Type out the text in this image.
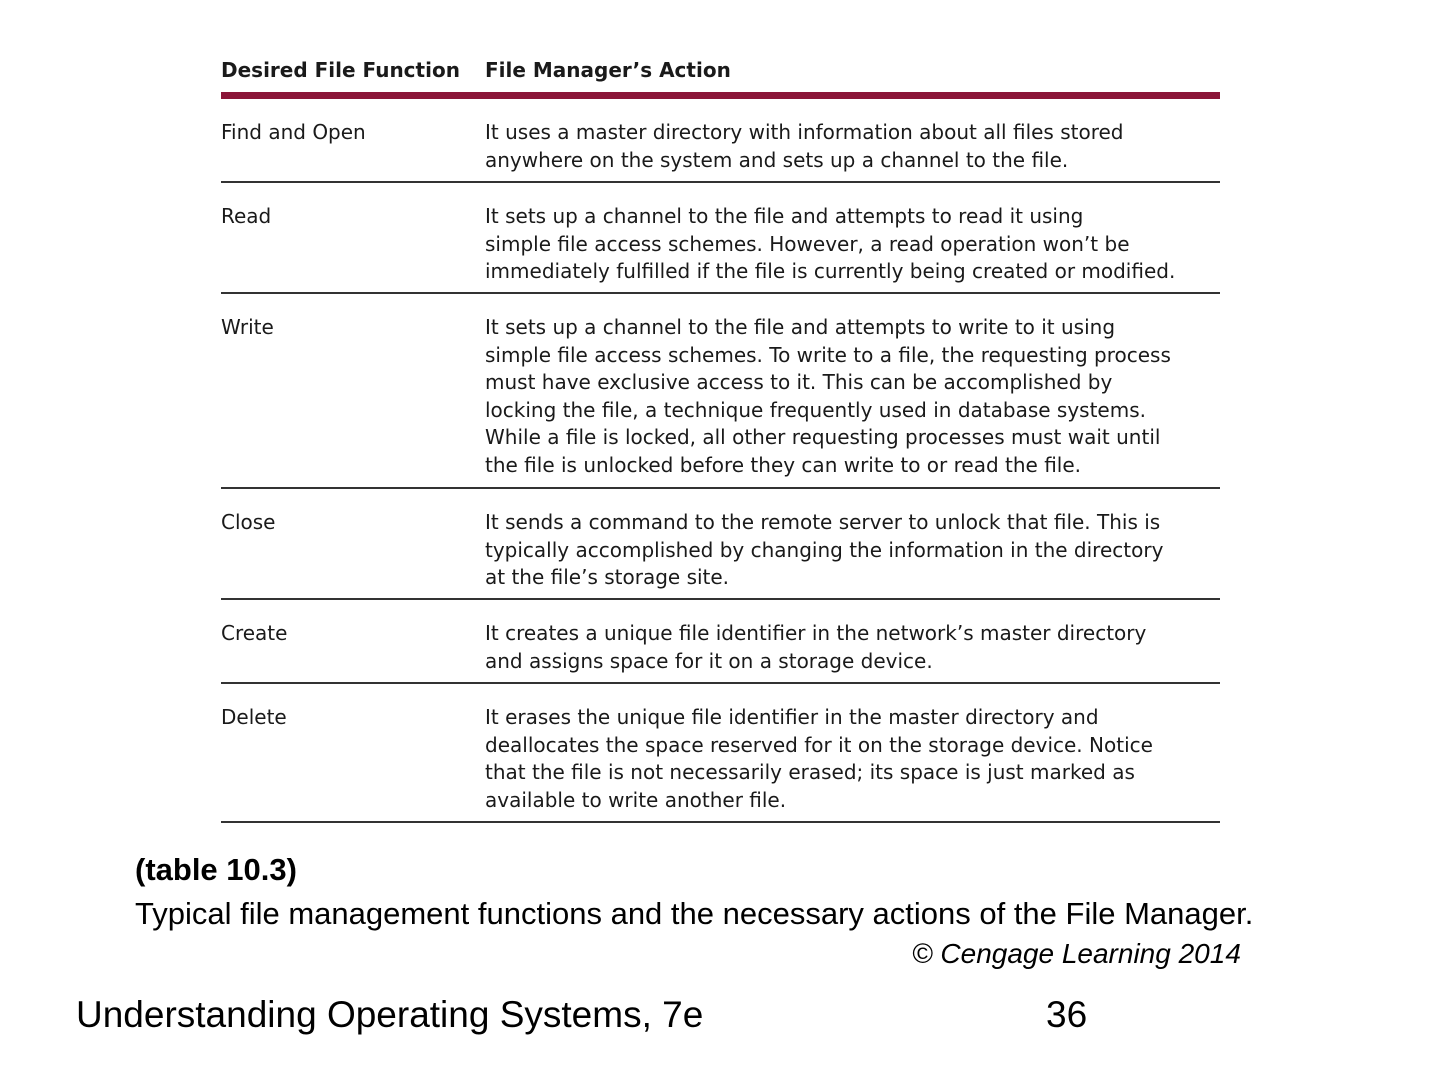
Desired File Function	File Manager’s Action
Find and Open	It uses a master directory with information about all files stored
anywhere on the system and sets up a channel to the file.
Read	It sets up a channel to the file and attempts to read it using
simple file access schemes. However, a read operation won’t be
immediately fulfilled if the file is currently being created or modified.
Write	It sets up a channel to the file and attempts to write to it using
simple file access schemes. To write to a file, the requesting process
must have exclusive access to it. This can be accomplished by
locking the file, a technique frequently used in database systems.
While a file is locked, all other requesting processes must wait until
the file is unlocked before they can write to or read the file.
Close	It sends a command to the remote server to unlock that file. This is
typically accomplished by changing the information in the directory
at the file’s storage site.
Create	It creates a unique file identifier in the network’s master directory
and assigns space for it on a storage device.
Delete	It erases the unique file identifier in the master directory and
deallocates the space reserved for it on the storage device. Notice
that the file is not necessarily erased; its space is just marked as
available to write another file.
(table 10.3)
Typical file management functions and the necessary actions of the File Manager.
© Cengage Learning 2014
Understanding Operating Systems, 7e	36
